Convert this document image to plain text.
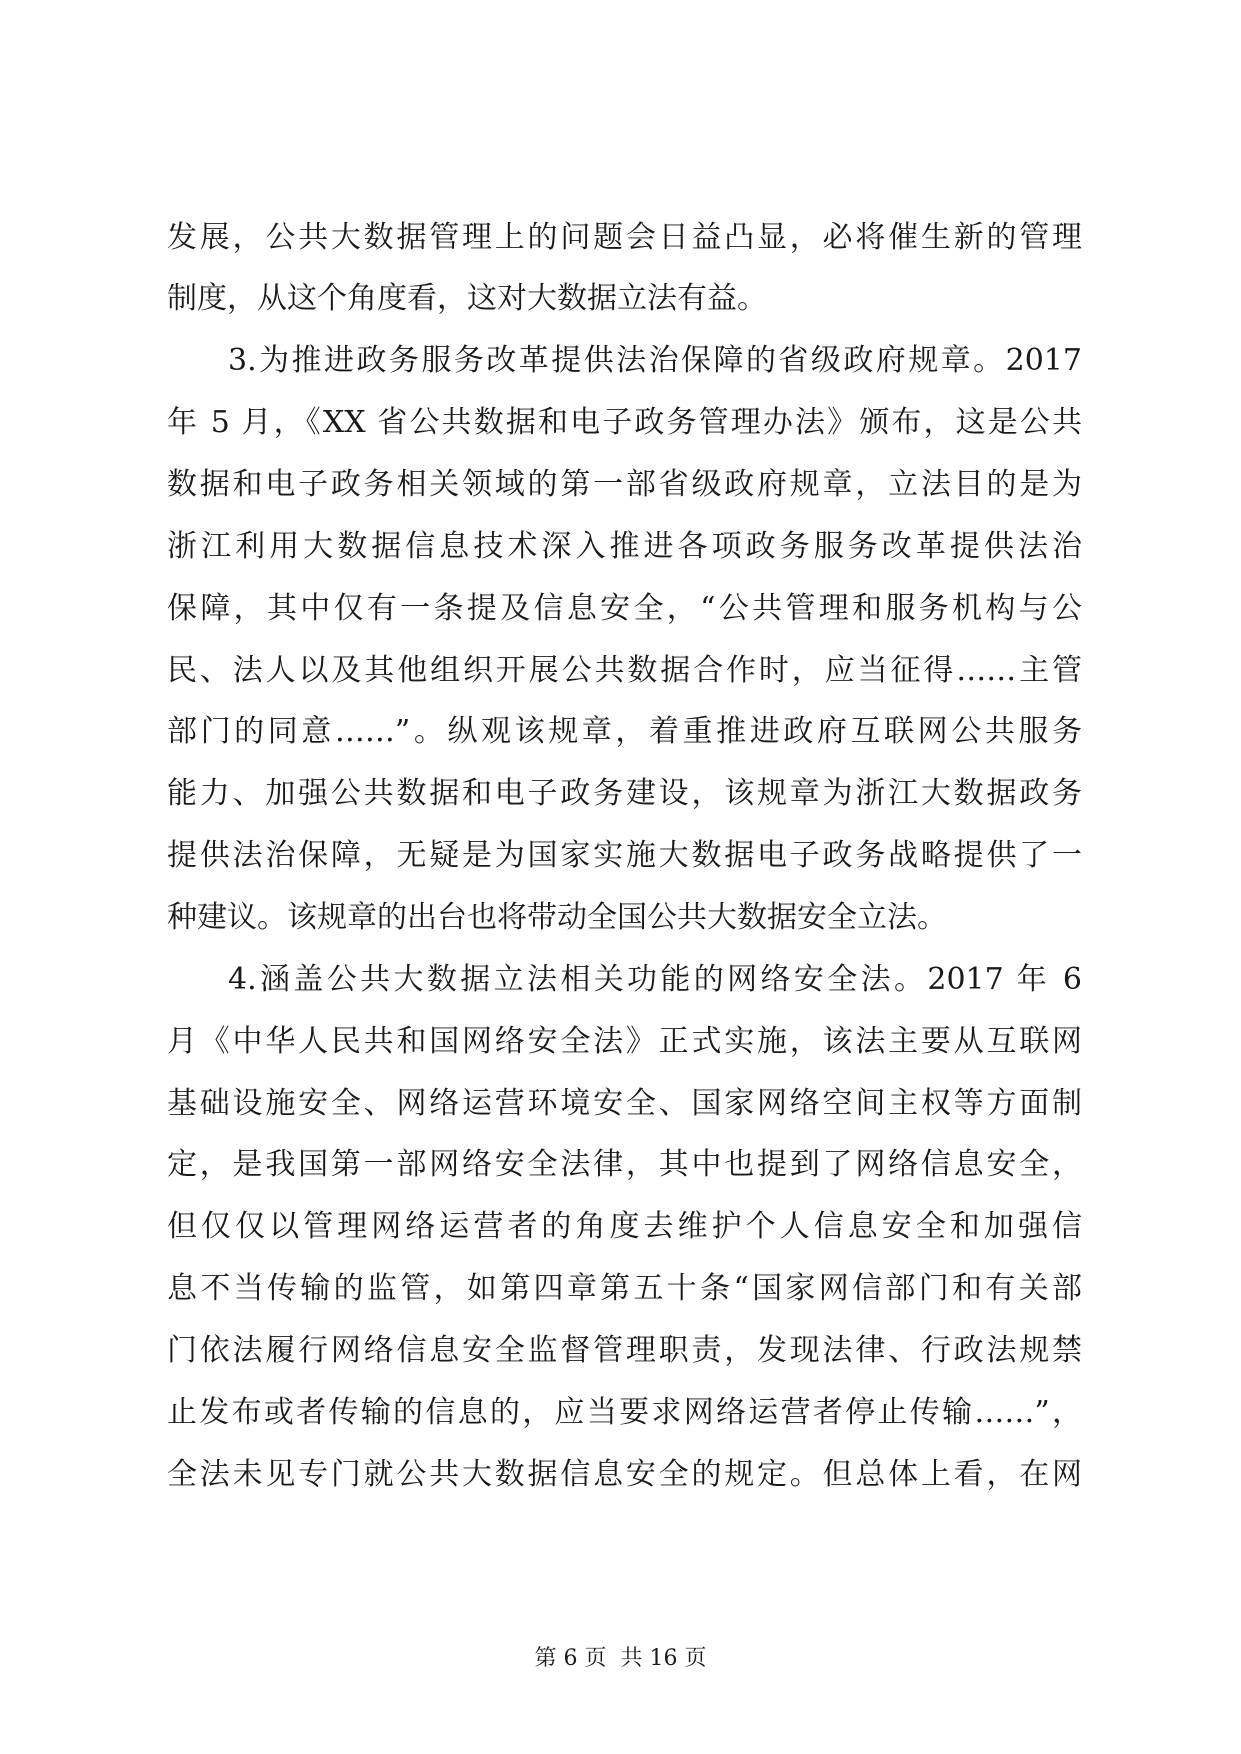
发展，公共大数据管理上的问题会日益凸显，必将催生新的管理
制度，从这个角度看，这对大数据立法有益。
3.为推进政务服务改革提供法治保障的省级政府规章。2017
年 5 月，《XX 省公共数据和电子政务管理办法》颁布，这是公共
数据和电子政务相关领域的第一部省级政府规章，立法目的是为
浙江利用大数据信息技术深入推进各项政务服务改革提供法治
保障，其中仅有一条提及信息安全，“公共管理和服务机构与公
民、法人以及其他组织开展公共数据合作时，应当征得……主管
部门的同意……”。纵观该规章，着重推进政府互联网公共服务
能力、加强公共数据和电子政务建设，该规章为浙江大数据政务
提供法治保障，无疑是为国家实施大数据电子政务战略提供了一
种建议。该规章的出台也将带动全国公共大数据安全立法。
4.涵盖公共大数据立法相关功能的网络安全法。2017 年 6
月《中华人民共和国网络安全法》正式实施，该法主要从互联网
基础设施安全、网络运营环境安全、国家网络空间主权等方面制
定，是我国第一部网络安全法律，其中也提到了网络信息安全，
但仅仅以管理网络运营者的角度去维护个人信息安全和加强信
息不当传输的监管，如第四章第五十条“国家网信部门和有关部
门依法履行网络信息安全监督管理职责，发现法律、行政法规禁
止发布或者传输的信息的，应当要求网络运营者停止传输……”，
全法未见专门就公共大数据信息安全的规定。但总体上看，在网
第 6 页  共 16 页
